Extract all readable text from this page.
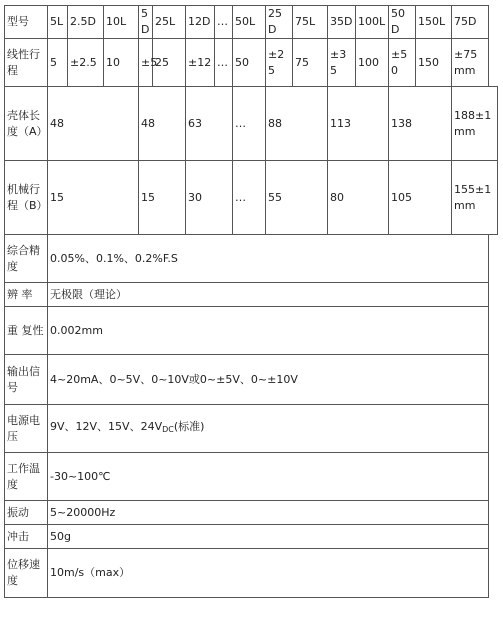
型号	5L	2.5D	10L	5D	25L	12D	…	50L	25D	75L	35D	100L	50D	150L	75D
线性行程	5	±2.5	10	±5	25	±12	…	50	±25	75	±35	100	±50	150	±75mm
壳体长度（A）	48			48		63		…	88		113		138		188±1mm
机械行程（B）	15			15		30		…	55		80		105		155±1mm
综合精度	0.05%、0.1%、0.2%F.S														
辨 率	无极限（理论）														
重 复性	0.002mm														
输出信号	4~20mA、0~5V、0~10V或0~±5V、0~±10V														
电源电压	9V、12V、15V、$24V_{DC}$(标准)														
工作温度	-30~100℃														
振动	5~20000Hz														
冲击	50g														
位移速度	10m/s（max）														
